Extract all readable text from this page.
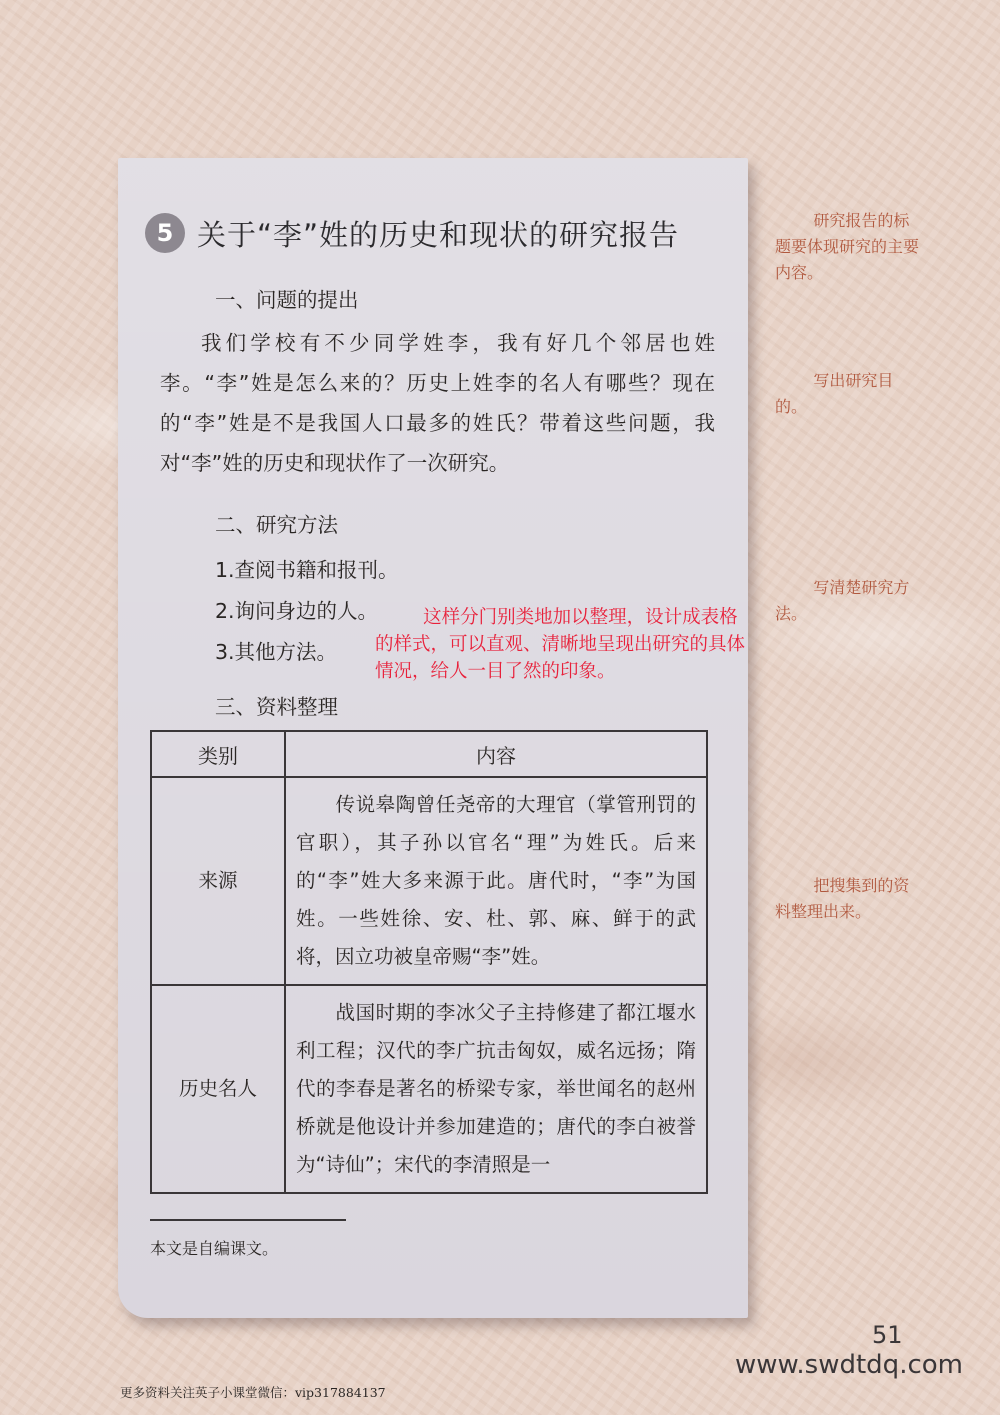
5 关于“李”姓的历史和现状的研究报告
一、问题的提出

我们学校有不少同学姓李，我有好几个邻居也姓李。“李”姓是怎么来的？历史上姓李的名人有哪些？现在的“李”姓是不是我国人口最多的姓氏？带着这些问题，我对“李”姓的历史和现状作了一次研究。

二、研究方法
1.查阅书籍和报刊。
2.询问身边的人。
3.其他方法。
三、资料整理
这样分门别类地加以整理，设计成表格的样式，可以直观、清晰地呈现出研究的具体情况，给人一目了然的印象。
研究报告的标题要体现研究的主要内容。
写出研究目的。
写清楚研究方法。
把搜集到的资料整理出来。
类别	内容
来源	传说皋陶曾任尧帝的大理官（掌管刑罚的官职），其子孙以官名“理”为姓氏。后来的“李”姓大多来源于此。唐代时，“李”为国姓。一些姓徐、安、杜、郭、麻、鲜于的武将，因立功被皇帝赐“李”姓。
历史名人	战国时期的李冰父子主持修建了都江堰水利工程；汉代的李广抗击匈奴，威名远扬；隋代的李春是著名的桥梁专家，举世闻名的赵州桥就是他设计并参加建造的；唐代的李白被誉为“诗仙”；宋代的李清照是一
本文是自编课文。
51
www.swdtdq.com
更多资料关注英子小课堂微信：vip317884137
